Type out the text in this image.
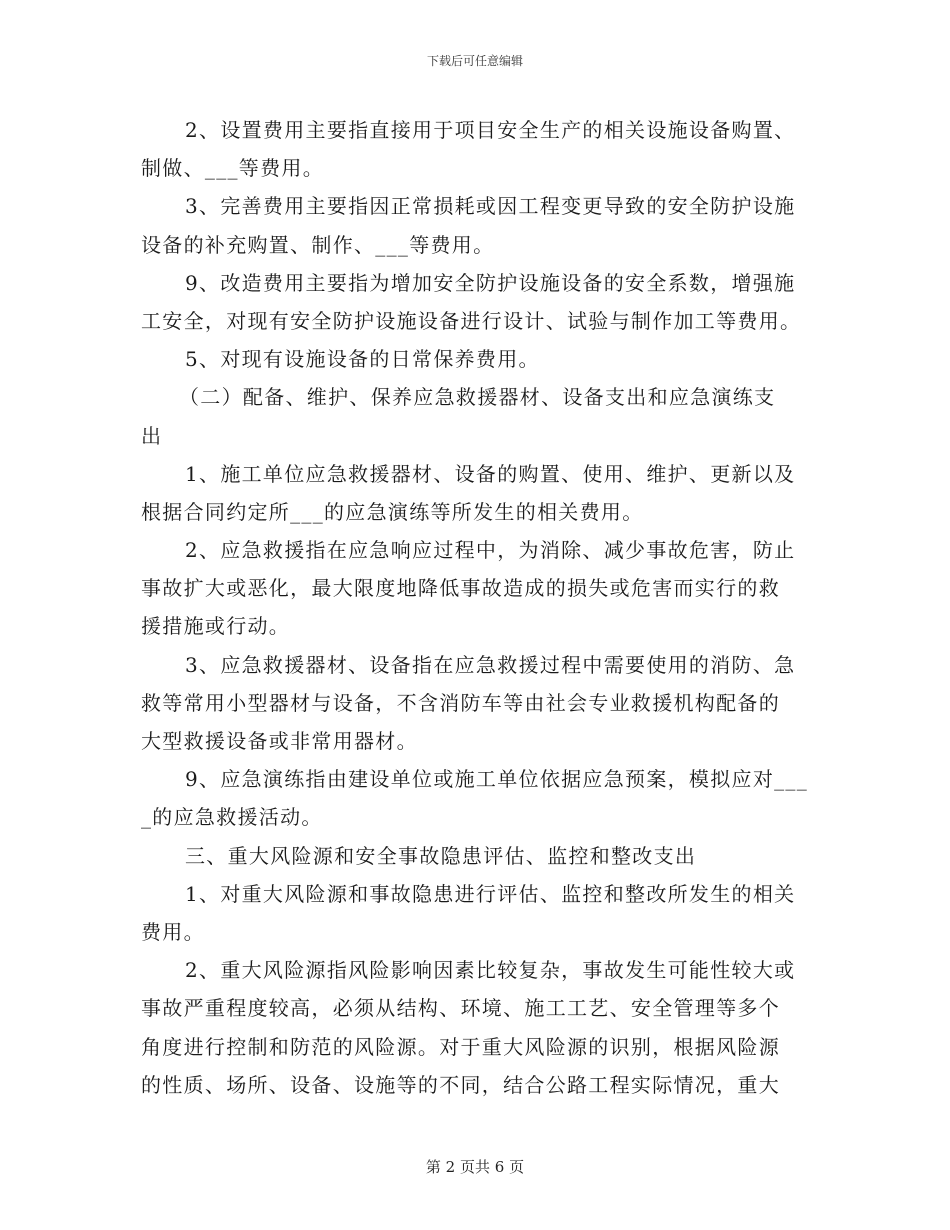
下载后可任意编辑
2、设置费用主要指直接用于项目安全生产的相关设施设备购置、
制做、___等费用。
3、完善费用主要指因正常损耗或因工程变更导致的安全防护设施
设备的补充购置、制作、___等费用。
9、改造费用主要指为增加安全防护设施设备的安全系数，增强施
工安全，对现有安全防护设施设备进行设计、试验与制作加工等费用。
5、对现有设施设备的日常保养费用。
（二）配备、维护、保养应急救援器材、设备支出和应急演练支
出
1、施工单位应急救援器材、设备的购置、使用、维护、更新以及
根据合同约定所___的应急演练等所发生的相关费用。
2、应急救援指在应急响应过程中，为消除、减少事故危害，防止
事故扩大或恶化，最大限度地降低事故造成的损失或危害而实行的救
援措施或行动。
3、应急救援器材、设备指在应急救援过程中需要使用的消防、急
救等常用小型器材与设备，不含消防车等由社会专业救援机构配备的
大型救援设备或非常用器材。
9、应急演练指由建设单位或施工单位依据应急预案，模拟应对___
_的应急救援活动。
三、重大风险源和安全事故隐患评估、监控和整改支出
1、对重大风险源和事故隐患进行评估、监控和整改所发生的相关
费用。
2、重大风险源指风险影响因素比较复杂，事故发生可能性较大或
事故严重程度较高，必须从结构、环境、施工工艺、安全管理等多个
角度进行控制和防范的风险源。对于重大风险源的识别，根据风险源
的性质、场所、设备、设施等的不同，结合公路工程实际情况，重大
第 2 页共 6 页
